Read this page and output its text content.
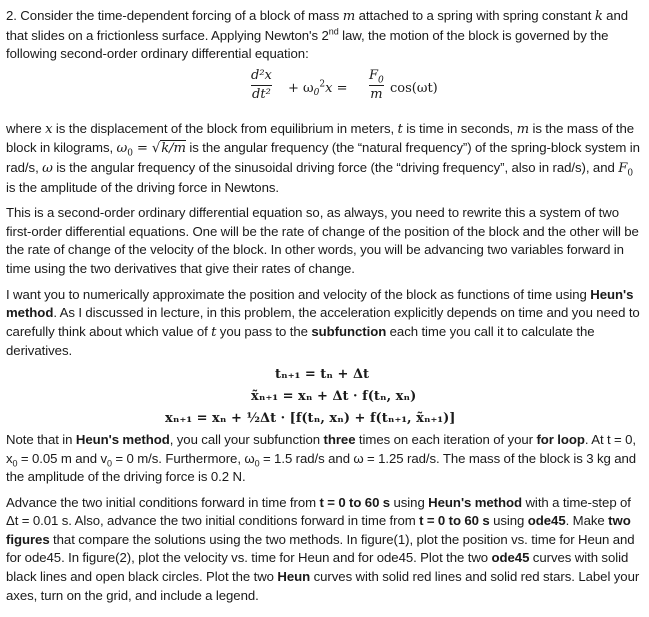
2. Consider the time-dependent forcing of a block of mass m attached to a spring with spring constant k and that slides on a frictionless surface. Applying Newton's 2nd law, the motion of the block is governed by the following second-order ordinary differential equation:

d²x
$dt^2 + \omega_0^2x$ =
$F_0$
m cos(ωt)

where x is the displacement of the block from equilibrium in meters, t is time in seconds, m is the mass of the block in kilograms, $\omega_0 = √k/m$ is the angular frequency (the “natural frequency”) of the spring-block system in rad/s, ω is the angular frequency of the sinusoidal driving force (the “driving frequency”, also in rad/s), and $F_0$ is the amplitude of the driving force in Newtons.

This is a second-order ordinary differential equation so, as always, you need to rewrite this a system of two first-order differential equations. One will be the rate of change of the position of the block and the other will be the rate of change of the velocity of the block. In other words, you will be advancing two variables forward in time using the two derivatives that give their rates of change.

I want you to numerically approximate the position and velocity of the block as functions of time using Heun's method. As I discussed in lecture, in this problem, the acceleration explicitly depends on time and you need to carefully think about which value of t you pass to the subfunction each time you call it to calculate the derivatives.

tₙ₊₁ = tₙ + Δt
x̃ₙ₊₁ = xₙ + Δt · f(tₙ, xₙ)
xₙ₊₁ = xₙ + ½Δt · [f(tₙ, xₙ) + f(tₙ₊₁, x̃ₙ₊₁)]

Note that in Heun's method, you call your subfunction three times on each iteration of your for loop. At t = 0, $x_0 = 0.05$ m and $v_0 = 0$ m/s. Furthermore, $\omega_0 = 1.5$ rad/s and ω = 1.25 rad/s. The mass of the block is 3 kg and the amplitude of the driving force is 0.2 N.

Advance the two initial conditions forward in time from t = 0 to 60 s using Heun's method with a time-step of Δt = 0.01 s. Also, advance the two initial conditions forward in time from t = 0 to 60 s using ode45. Make two figures that compare the solutions using the two methods. In figure(1), plot the position vs. time for Heun and for ode45. In figure(2), plot the velocity vs. time for Heun and for ode45. Plot the two ode45 curves with solid black lines and open black circles. Plot the two Heun curves with solid red lines and solid red stars. Label your axes, turn on the grid, and include a legend.
